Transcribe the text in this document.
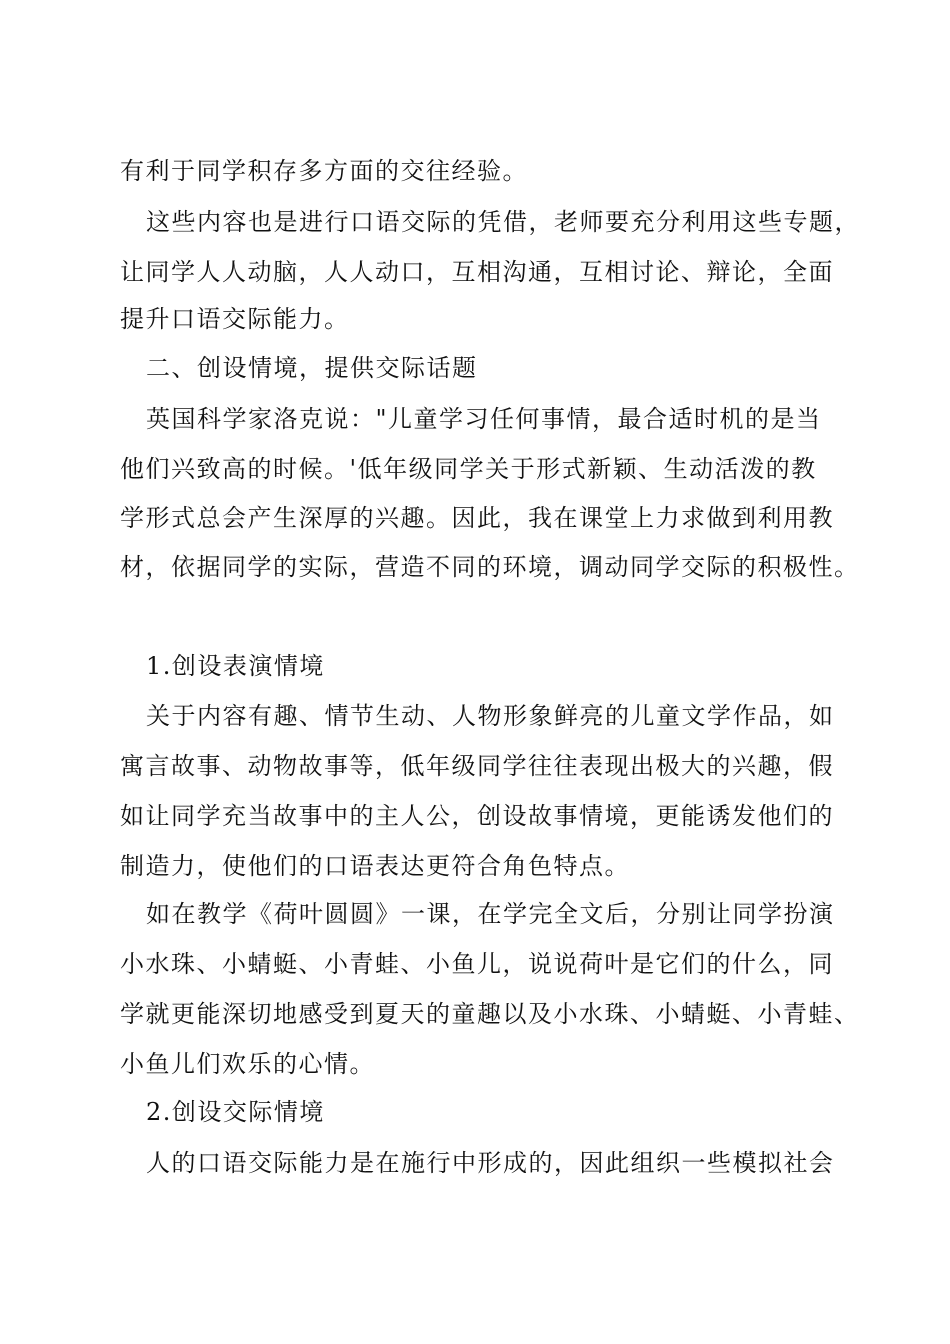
有利于同学积存多方面的交往经验。
这些内容也是进行口语交际的凭借，老师要充分利用这些专题，
让同学人人动脑，人人动口，互相沟通，互相讨论、辩论，全面
提升口语交际能力。
二、创设情境，提供交际话题
英国科学家洛克说："儿童学习任何事情，最合适时机的是当
他们兴致高的时候。'低年级同学关于形式新颖、生动活泼的教
学形式总会产生深厚的兴趣。因此，我在课堂上力求做到利用教
材，依据同学的实际，营造不同的环境，调动同学交际的积极性。
1.创设表演情境
关于内容有趣、情节生动、人物形象鲜亮的儿童文学作品，如
寓言故事、动物故事等，低年级同学往往表现出极大的兴趣，假
如让同学充当故事中的主人公，创设故事情境，更能诱发他们的
制造力，使他们的口语表达更符合角色特点。
如在教学《荷叶圆圆》一课，在学完全文后，分别让同学扮演
小水珠、小蜻蜓、小青蛙、小鱼儿，说说荷叶是它们的什么，同
学就更能深切地感受到夏天的童趣以及小水珠、小蜻蜓、小青蛙、
小鱼儿们欢乐的心情。
2.创设交际情境
人的口语交际能力是在施行中形成的，因此组织一些模拟社会
